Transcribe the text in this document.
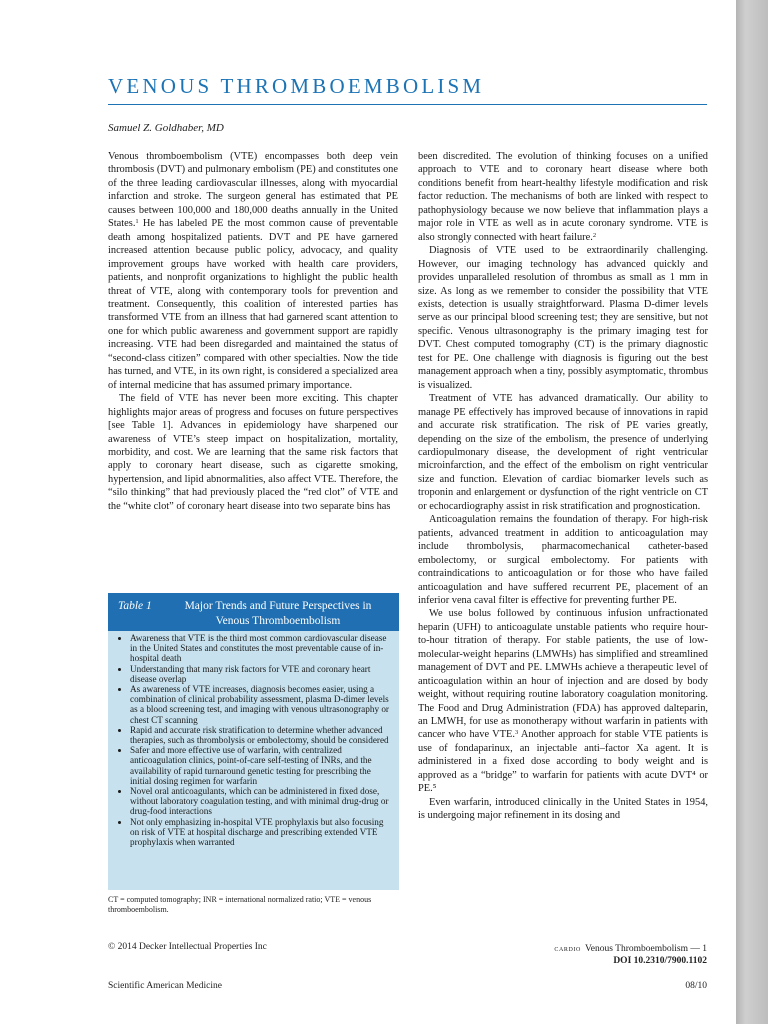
VENOUS THROMBOEMBOLISM
Samuel Z. Goldhaber, MD

Venous thromboembolism (VTE) encompasses both deep vein thrombosis (DVT) and pulmonary embolism (PE) and constitutes one of the three leading cardiovascular illnesses, along with myocardial infarction and stroke. The surgeon general has estimated that PE causes between 100,000 and 180,000 deaths annually in the United States.$^1$ He has labeled PE the most common cause of preventable death among hospitalized patients. DVT and PE have garnered increased attention because public policy, advocacy, and quality improvement groups have worked with health care providers, patients, and nonprofit organizations to highlight the public health threat of VTE, along with contemporary tools for prevention and treatment. Consequently, this coalition of interested parties has transformed VTE from an illness that had garnered scant attention to one for which public awareness and government support are rapidly increasing. VTE had been disregarded and maintained the status of “second-class citizen” compared with other specialties. Now the tide has turned, and VTE, in its own right, is considered a specialized area of internal medicine that has assumed primary importance.

The field of VTE has never been more exciting. This chapter highlights major areas of progress and focuses on future perspectives [see Table 1]. Advances in epidemiology have sharpened our awareness of VTE’s steep impact on hospitalization, mortality, morbidity, and cost. We are learning that the same risk factors that apply to coronary heart disease, such as cigarette smoking, hypertension, and lipid abnormalities, also affect VTE. Therefore, the “silo thinking” that had previously placed the “red clot” of VTE and the “white clot” of coronary heart disease into two separate bins has

Table 1	Major Trends and Future Perspectives in Venous Thromboembolism
• Awareness that VTE is the third most common cardiovascular disease in the United States and constitutes the most preventable cause of in-hospital death
• Understanding that many risk factors for VTE and coronary heart disease overlap
• As awareness of VTE increases, diagnosis becomes easier, using a combination of clinical probability assessment, plasma D-dimer levels as a blood screening test, and imaging with venous ultrasonography or chest CT scanning
• Rapid and accurate risk stratification to determine whether advanced therapies, such as thrombolysis or embolectomy, should be considered
• Safer and more effective use of warfarin, with centralized anticoagulation clinics, point-of-care self-testing of INRs, and the availability of rapid turnaround genetic testing for prescribing the initial dosing regimen for warfarin
• Novel oral anticoagulants, which can be administered in fixed dose, without laboratory coagulation testing, and with minimal drug-drug or drug-food interactions
• Not only emphasizing in-hospital VTE prophylaxis but also focusing on risk of VTE at hospital discharge and prescribing extended VTE prophylaxis when warranted
CT = computed tomography; INR = international normalized ratio; VTE = venous thromboembolism.

been discredited. The evolution of thinking focuses on a unified approach to VTE and to coronary heart disease where both conditions benefit from heart-healthy lifestyle modification and risk factor reduction. The mechanisms of both are linked with respect to pathophysiology because we now believe that inflammation plays a major role in VTE as well as in acute coronary syndrome. VTE is also strongly connected with heart failure.$^2$

Diagnosis of VTE used to be extraordinarily challenging. However, our imaging technology has advanced quickly and provides unparalleled resolution of thrombus as small as 1 mm in size. As long as we remember to consider the possibility that VTE exists, detection is usually straightforward. Plasma D-dimer levels serve as our principal blood screening test; they are sensitive, but not specific. Venous ultrasonography is the primary imaging test for DVT. Chest computed tomography (CT) is the primary diagnostic test for PE. One challenge with diagnosis is figuring out the best management approach when a tiny, possibly asymptomatic, thrombus is visualized.

Treatment of VTE has advanced dramatically. Our ability to manage PE effectively has improved because of innovations in rapid and accurate risk stratification. The risk of PE varies greatly, depending on the size of the embolism, the presence of underlying cardiopulmonary disease, the development of right ventricular microinfarction, and the effect of the embolism on right ventricular size and function. Elevation of cardiac biomarker levels such as troponin and enlargement or dysfunction of the right ventricle on CT or echocardiography assist in risk stratification and prognostication.

Anticoagulation remains the foundation of therapy. For high-risk patients, advanced treatment in addition to anticoagulation may include thrombolysis, pharmacomechanical catheter-based embolectomy, or surgical embolectomy. For patients with contraindications to anticoagulation or for those who have failed anticoagulation and have suffered recurrent PE, placement of an inferior vena caval filter is effective for preventing further PE.

We use bolus followed by continuous infusion unfractionated heparin (UFH) to anticoagulate unstable patients who require hour-to-hour titration of therapy. For stable patients, the use of low-molecular-weight heparins (LMWHs) has simplified and streamlined management of DVT and PE. LMWHs achieve a therapeutic level of anticoagulation within an hour of injection and are dosed by body weight, without requiring routine laboratory coagulation monitoring. The Food and Drug Administration (FDA) has approved dalteparin, an LMWH, for use as monotherapy without warfarin in patients with cancer who have VTE.$^3$ Another approach for stable VTE patients is use of fondaparinux, an injectable anti–factor Xa agent. It is administered in a fixed dose according to body weight and is approved as a “bridge” to warfarin for patients with acute DVT⁴ or PE.⁵

Even warfarin, introduced clinically in the United States in 1954, is undergoing major refinement in its dosing and

© 2014 Decker Intellectual Properties Inc	cardio Venous Thromboembolism — 1
DOI 10.2310/7900.1102
Scientific American Medicine	08/10
